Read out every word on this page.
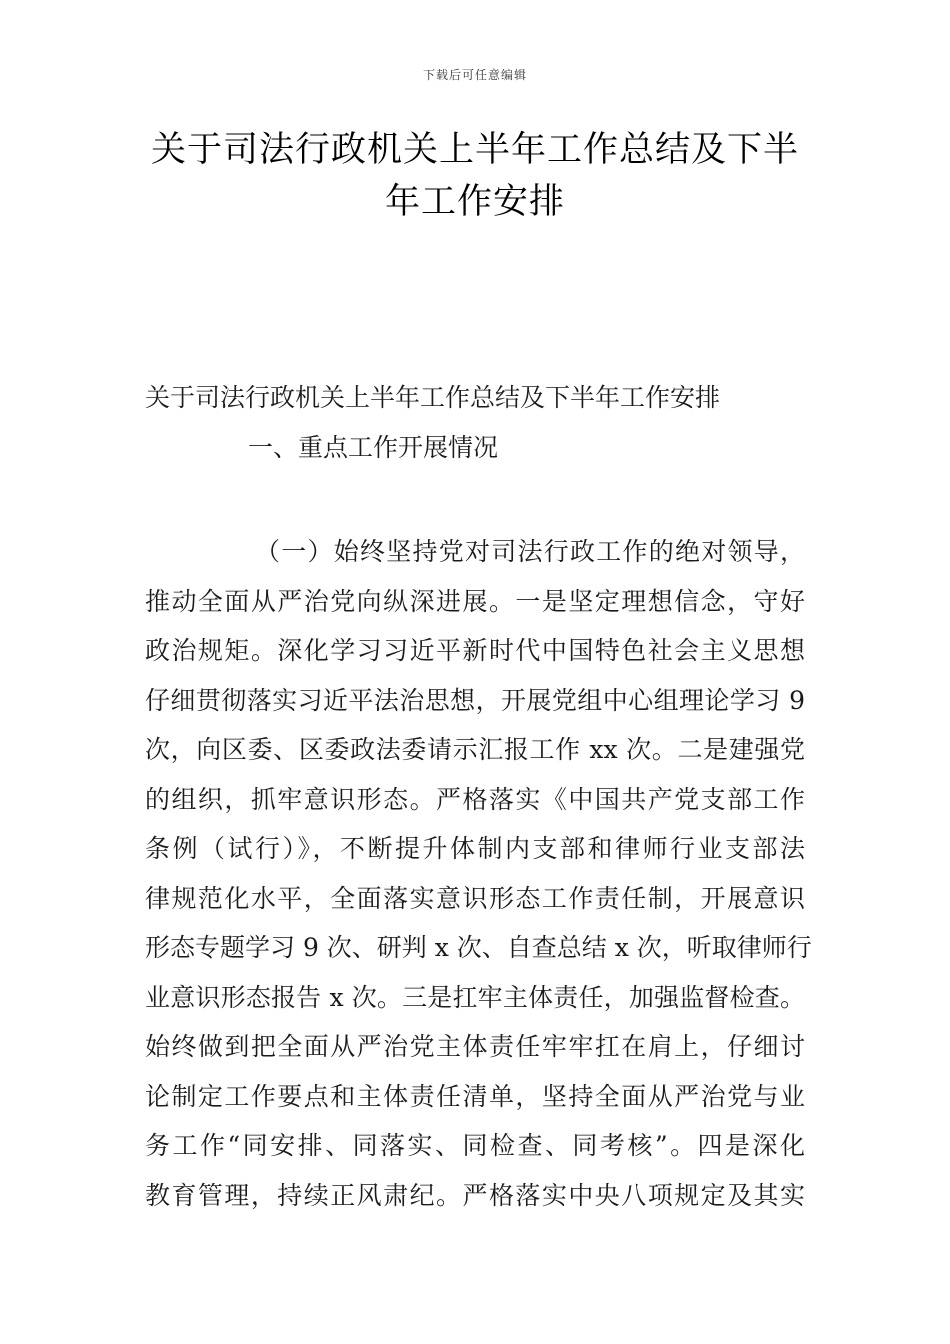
下载后可任意编辑
关于司法行政机关上半年工作总结及下半
年工作安排
关于司法行政机关上半年工作总结及下半年工作安排
一、重点工作开展情况

（一）始终坚持党对司法行政工作的绝对领导，
推动全面从严治党向纵深进展。一是坚定理想信念，守好
政治规矩。深化学习习近平新时代中国特色社会主义思想
仔细贯彻落实习近平法治思想，开展党组中心组理论学习 9
次，向区委、区委政法委请示汇报工作 xx 次。二是建强党
的组织，抓牢意识形态。严格落实《中国共产党支部工作
条例（试行）》，不断提升体制内支部和律师行业支部法
律规范化水平，全面落实意识形态工作责任制，开展意识
形态专题学习 9 次、研判 x 次、自查总结 x 次，听取律师行
业意识形态报告 x 次。三是扛牢主体责任，加强监督检查。
始终做到把全面从严治党主体责任牢牢扛在肩上，仔细讨
论制定工作要点和主体责任清单，坚持全面从严治党与业
务工作“同安排、同落实、同检查、同考核”。四是深化
教育管理，持续正风肃纪。严格落实中央八项规定及其实
